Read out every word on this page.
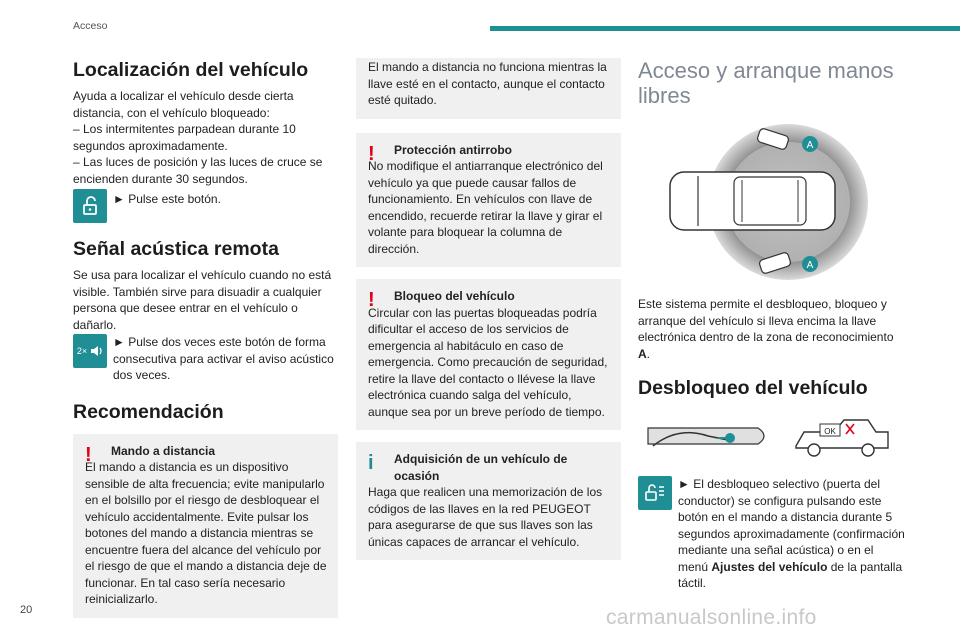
Acceso
Localización del vehículo

Ayuda a localizar el vehículo desde cierta distancia, con el vehículo bloqueado:

– Los intermitentes parpadean durante 10 segundos aproximadamente.

– Las luces de posición y las luces de cruce se encienden durante 30 segundos.

► Pulse este botón.

Señal acústica remota

Se usa para localizar el vehículo cuando no está visible. También sirve para disuadir a cualquier persona que desee entrar en el vehículo o dañarlo.

2×

► Pulse dos veces este botón de forma consecutiva para activar el aviso acústico dos veces.

Recomendación
!	Mando a distancia

El mando a distancia es un dispositivo sensible de alta frecuencia; evite manipularlo en el bolsillo por el riesgo de desbloquear el vehículo accidentalmente. Evite pulsar los botones del mando a distancia mientras se encuentre fuera del alcance del vehículo por el riesgo de que el mando a distancia deje de funcionar. En tal caso sería necesario reinicializarlo.

El mando a distancia no funciona mientras la llave esté en el contacto, aunque el contacto esté quitado.

!	Protección antirrobo

No modifique el antiarranque electrónico del vehículo ya que puede causar fallos de funcionamiento. En vehículos con llave de encendido, recuerde retirar la llave y girar el volante para bloquear la columna de dirección.

!	Bloqueo del vehículo

Circular con las puertas bloqueadas podría dificultar el acceso de los servicios de emergencia al habitáculo en caso de emergencia. Como precaución de seguridad, retire la llave del contacto o llévese la llave electrónica cuando salga del vehículo, aunque sea por un breve período de tiempo.

i	Adquisición de un vehículo de ocasión

Haga que realicen una memorización de los códigos de las llaves en la red PEUGEOT para asegurarse de que sus llaves son las únicas capaces de arrancar el vehículo.

Acceso y arranque manos libres
A
A

Este sistema permite el desbloqueo, bloqueo y arranque del vehículo si lleva encima la llave electrónica dentro de la zona de reconocimiento A.

Desbloqueo del vehículo
OK

► El desbloqueo selectivo (puerta del conductor) se configura pulsando este botón en el mando a distancia durante 5 segundos aproximadamente (confirmación mediante una señal acústica) o en el menú Ajustes del vehículo de la pantalla táctil.

20	carmanualsonline.info
